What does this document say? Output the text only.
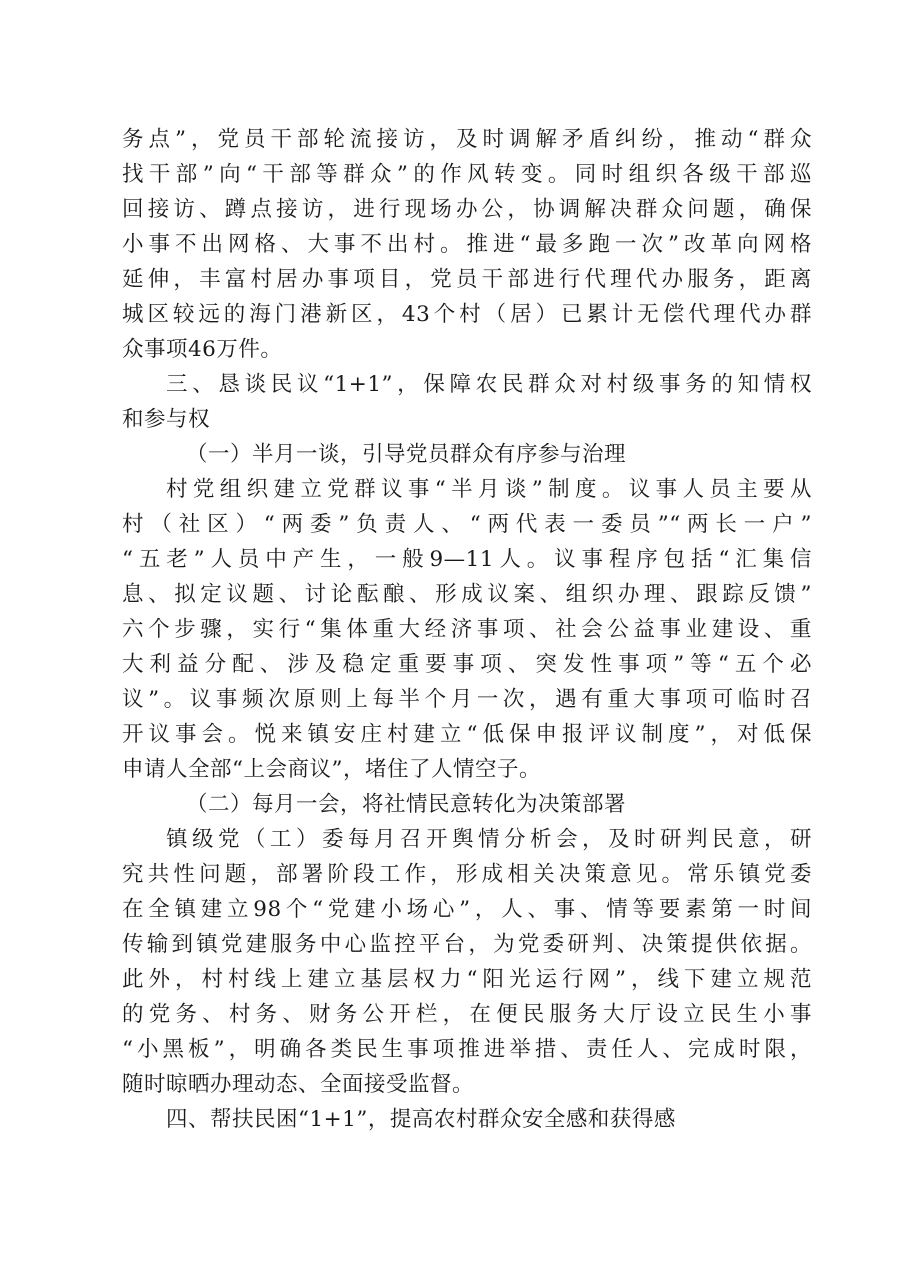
务点”，党员干部轮流接访，及时调解矛盾纠纷，推动“群众
找干部”向“干部等群众”的作风转变。同时组织各级干部巡
回接访、蹲点接访，进行现场办公，协调解决群众问题，确保
小事不出网格、大事不出村。推进“最多跑一次”改革向网格
延伸，丰富村居办事项目，党员干部进行代理代办服务，距离
城区较远的海门港新区，43个村（居）已累计无偿代理代办群
众事项46万件。
三、恳谈民议“1+1”，保障农民群众对村级事务的知情权
和参与权
（一）半月一谈，引导党员群众有序参与治理
村党组织建立党群议事“半月谈”制度。议事人员主要从
村（社区）“两委”负责人、“两代表一委员”“两长一户”
“五老”人员中产生，一般9—11人。议事程序包括“汇集信
息、拟定议题、讨论酝酿、形成议案、组织办理、跟踪反馈”
六个步骤，实行“集体重大经济事项、社会公益事业建设、重
大利益分配、涉及稳定重要事项、突发性事项”等“五个必
议”。议事频次原则上每半个月一次，遇有重大事项可临时召
开议事会。悦来镇安庄村建立“低保申报评议制度”，对低保
申请人全部“上会商议”，堵住了人情空子。
（二）每月一会，将社情民意转化为决策部署
镇级党（工）委每月召开舆情分析会，及时研判民意，研
究共性问题，部署阶段工作，形成相关决策意见。常乐镇党委
在全镇建立98个“党建小场心”，人、事、情等要素第一时间
传输到镇党建服务中心监控平台，为党委研判、决策提供依据。
此外，村村线上建立基层权力“阳光运行网”，线下建立规范
的党务、村务、财务公开栏，在便民服务大厅设立民生小事
“小黑板”，明确各类民生事项推进举措、责任人、完成时限，
随时晾晒办理动态、全面接受监督。
四、帮扶民困“1+1”，提高农村群众安全感和获得感
